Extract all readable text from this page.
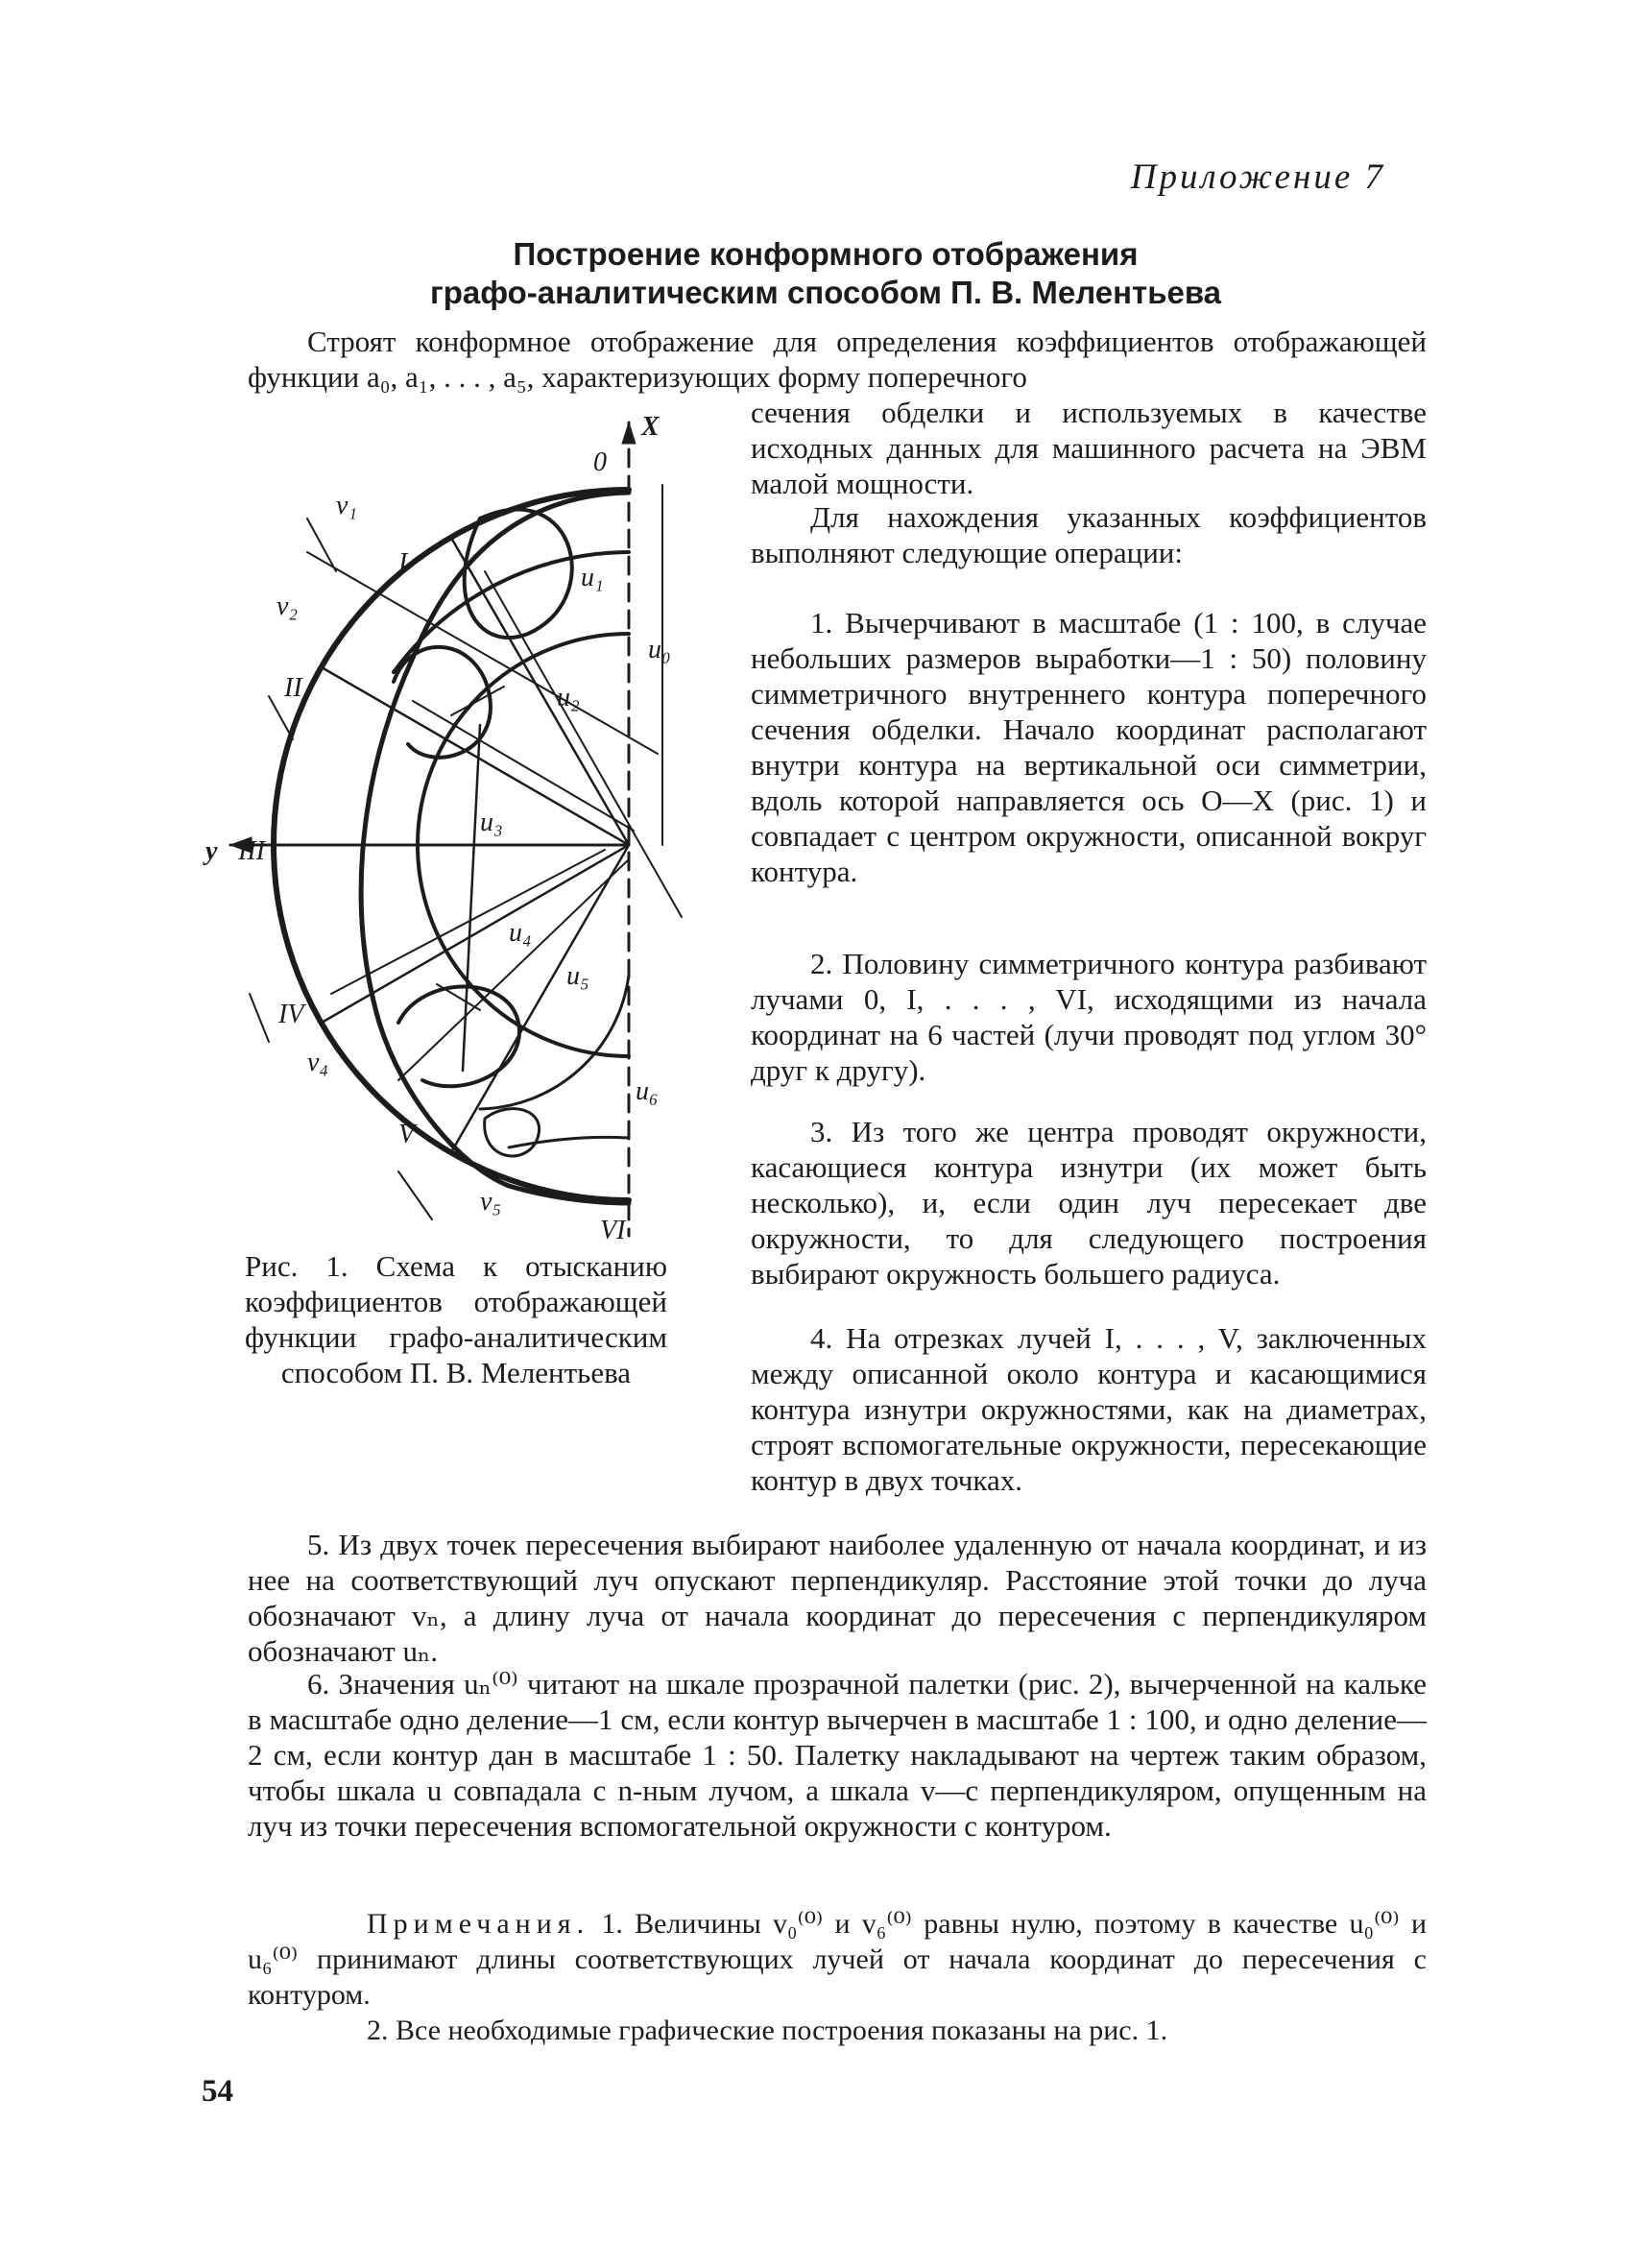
Приложение 7
Построение конформного отображения
графо-аналитическим способом П. В. Мелентьева

Строят конформное отображение для определения коэффициентов отображающей функции a₀, a₁, . . . , a₅, характеризующих форму поперечного

сечения обделки и используемых в качестве исходных данных для машинного расчета на ЭВМ малой мощности.

Для нахождения указанных коэффициентов выполняют следующие операции:

1. Вычерчивают в масштабе (1 : 100, в случае небольших размеров выработки—1 : 50) половину симметричного внутреннего контура поперечного сечения обделки. Начало координат располагают внутри контура на вертикальной оси симметрии, вдоль которой направляется ось O—X (рис. 1) и совпадает с центром окружности, описанной вокруг контура.

2. Половину симметричного контура разбивают лучами 0, I, . . . , VI, исходящими из начала координат на 6 частей (лучи проводят под углом 30° друг к другу).

3. Из того же центра проводят окружности, касающиеся контура изнутри (их может быть несколько), и, если один луч пересекает две окружности, то для следующего построения выбирают окружность большего радиуса.

4. На отрезках лучей I, . . . , V, заключенных между описанной около контура и касающимися контура изнутри окружностями, как на диаметрах, строят вспомогательные окружности, пересекающие контур в двух точках.

5. Из двух точек пересечения выбирают наиболее удаленную от начала координат, и из нее на соответствующий луч опускают перпендикуляр. Расстояние этой точки до луча обозначают vₙ, а длину луча от начала координат до пересечения с перпендикуляром обозначают uₙ.

6. Значения uₙ⁽⁰⁾ читают на шкале прозрачной палетки (рис. 2), вычерченной на кальке в масштабе одно деление—1 см, если контур вычерчен в масштабе 1 : 100, и одно деление—2 см, если контур дан в масштабе 1 : 50. Палетку накладывают на чертеж таким образом, чтобы шкала u совпадала с n-ным лучом, а шкала v—с перпендикуляром, опущенным на луч из точки пересечения вспомогательной окружности с контуром.

Примечания. 1. Величины v₀⁽⁰⁾ и v₆⁽⁰⁾ равны нулю, поэтому в качестве u₀⁽⁰⁾ и u₆⁽⁰⁾ принимают длины соответствующих лучей от начала координат до пересечения с контуром.

2. Все необходимые графические построения показаны на рис. 1.

0
X
y
I
II
III
IV
V
VI
u₀
u₁
u₂
u₃
u₄
u₅
u₆
v₁
v₂
v₄
v₅
Рис. 1. Схема к отысканию коэффициентов отображающей функции графо-аналитическим способом П. В. Мелентьева
54
